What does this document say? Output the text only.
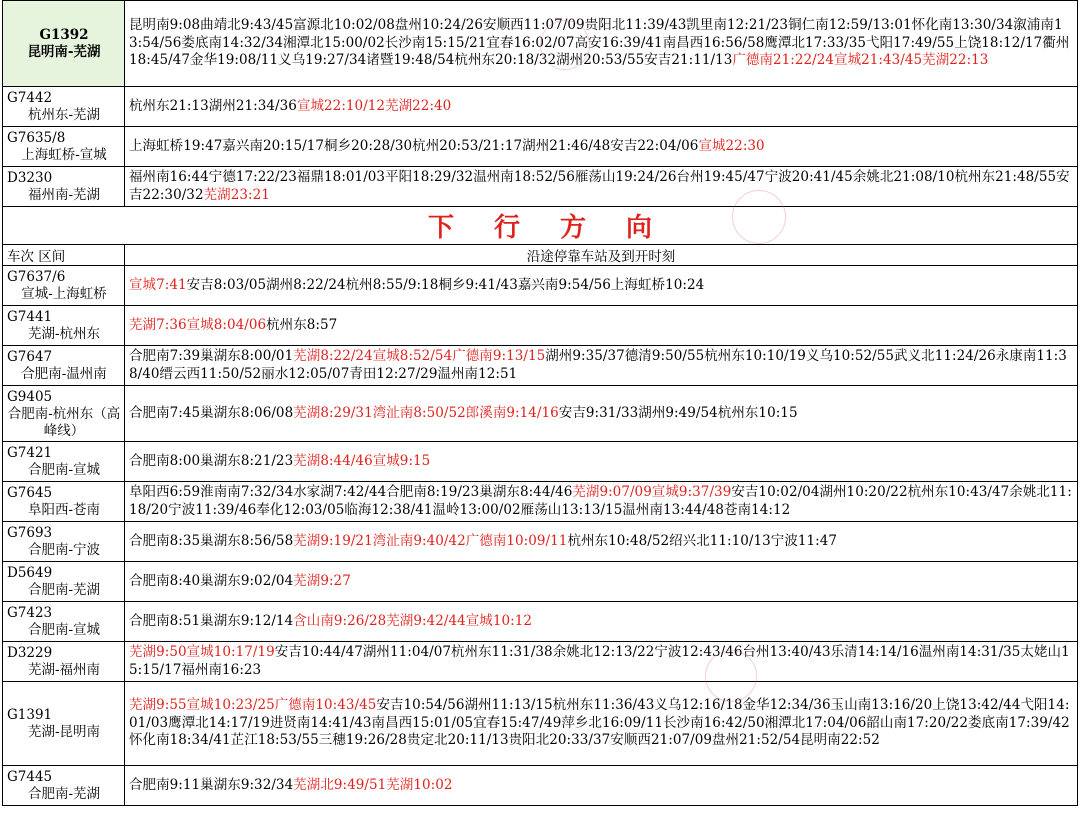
G1392
昆明南-芜湖	昆明南9:08曲靖北9:43/45富源北10:02/08盘州10:24/26安顺西11:07/09贵阳北11:39/43凯里南12:21/23铜仁南12:59/13:01怀化南13:30/34溆浦南13:54/56娄底南14:32/34湘潭北15:00/02长沙南15:15/21宜春16:02/07高安16:39/41南昌西16:56/58鹰潭北17:33/35弋阳17:49/55上饶18:12/17衢州18:45/47金华19:08/11义乌19:27/34诸暨19:48/54杭州东20:18/32湖州20:53/55安吉21:11/13广德南21:22/24宣城21:43/45芜湖22:13

G7442
杭州东-芜湖	杭州东21:13湖州21:34/36宣城22:10/12芜湖22:40

G7635/8
上海虹桥-宣城	上海虹桥19:47嘉兴南20:15/17桐乡20:28/30杭州20:53/21:17湖州21:46/48安吉22:04/06宣城22:30

D3230
福州南-芜湖	福州南16:44宁德17:22/23福鼎18:01/03平阳18:29/32温州南18:52/56雁荡山19:24/26台州19:45/47宁波20:41/45余姚北21:08/10杭州东21:48/55安吉22:30/32芜湖23:21
下行方向	
车次 区间	沿途停靠车站及到开时刻

G7637/6
宣城-上海虹桥	宣城7:41安吉8:03/05湖州8:22/24杭州8:55/9:18桐乡9:41/43嘉兴南9:54/56上海虹桥10:24

G7441
芜湖-杭州东	芜湖7:36宣城8:04/06杭州东8:57

G7647
合肥南-温州南	合肥南7:39巢湖东8:00/01芜湖8:22/24宣城8:52/54广德南9:13/15湖州9:35/37德清9:50/55杭州东10:10/19义乌10:52/55武义北11:24/26永康南11:38/40缙云西11:50/52丽水12:05/07青田12:27/29温州南12:51

G9405
合肥南-杭州东（高峰线）	合肥南7:45巢湖东8:06/08芜湖8:29/31湾沚南8:50/52郎溪南9:14/16安吉9:31/33湖州9:49/54杭州东10:15

G7421
合肥南-宣城	合肥南8:00巢湖东8:21/23芜湖8:44/46宣城9:15

G7645
阜阳西-苍南	阜阳西6:59淮南南7:32/34水家湖7:42/44合肥南8:19/23巢湖东8:44/46芜湖9:07/09宣城9:37/39安吉10:02/04湖州10:20/22杭州东10:43/47余姚北11:18/20宁波11:39/46奉化12:03/05临海12:38/41温岭13:00/02雁荡山13:13/15温州南13:44/48苍南14:12

G7693
合肥南-宁波	合肥南8:35巢湖东8:56/58芜湖9:19/21湾沚南9:40/42广德南10:09/11杭州东10:48/52绍兴北11:10/13宁波11:47

D5649
合肥南-芜湖	合肥南8:40巢湖东9:02/04芜湖9:27

G7423
合肥南-宣城	合肥南8:51巢湖东9:12/14含山南9:26/28芜湖9:42/44宣城10:12

D3229
芜湖-福州南	芜湖9:50宣城10:17/19安吉10:44/47湖州11:04/07杭州东11:31/38余姚北12:13/22宁波12:43/46台州13:40/43乐清14:14/16温州南14:31/35太姥山15:15/17福州南16:23

G1391
芜湖-昆明南	芜湖9:55宣城10:23/25广德南10:43/45安吉10:54/56湖州11:13/15杭州东11:36/43义乌12:16/18金华12:34/36玉山南13:16/20上饶13:42/44弋阳14:01/03鹰潭北14:17/19进贤南14:41/43南昌西15:01/05宜春15:47/49萍乡北16:09/11长沙南16:42/50湘潭北17:04/06韶山南17:20/22娄底南17:39/42怀化南18:34/41芷江18:53/55三穗19:26/28贵定北20:11/13贵阳北20:33/37安顺西21:07/09盘州21:52/54昆明南22:52

G7445
合肥南-芜湖	合肥南9:11巢湖东9:32/34芜湖北9:49/51芜湖10:02
